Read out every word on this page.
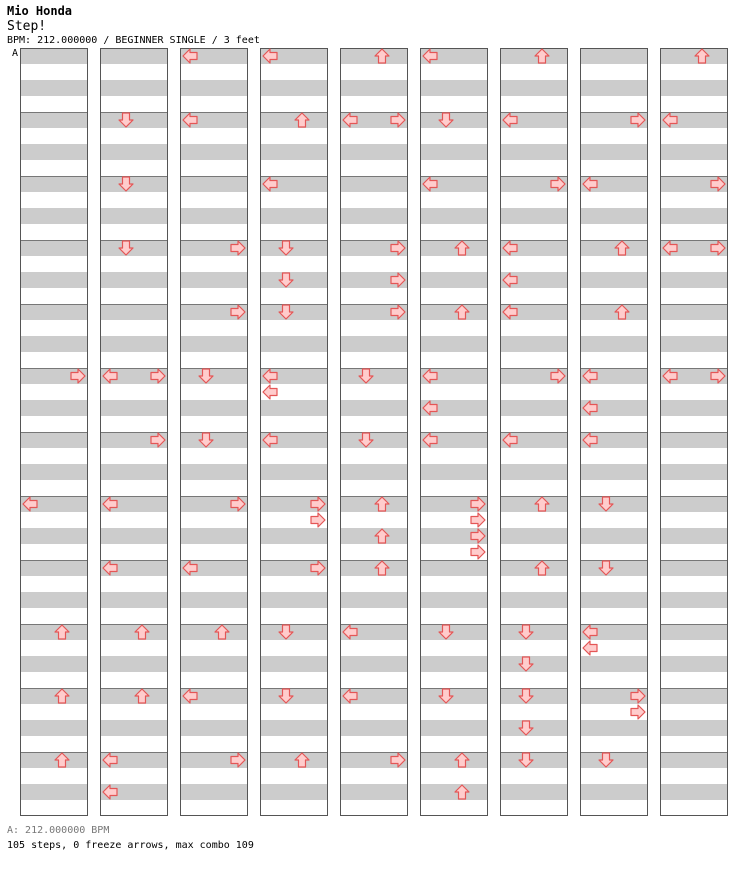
Mio Honda
Step!
BPM: 212.000000 / BEGINNER SINGLE / 3 feet
A
A: 212.000000 BPM
105 steps, 0 freeze arrows, max combo 109
